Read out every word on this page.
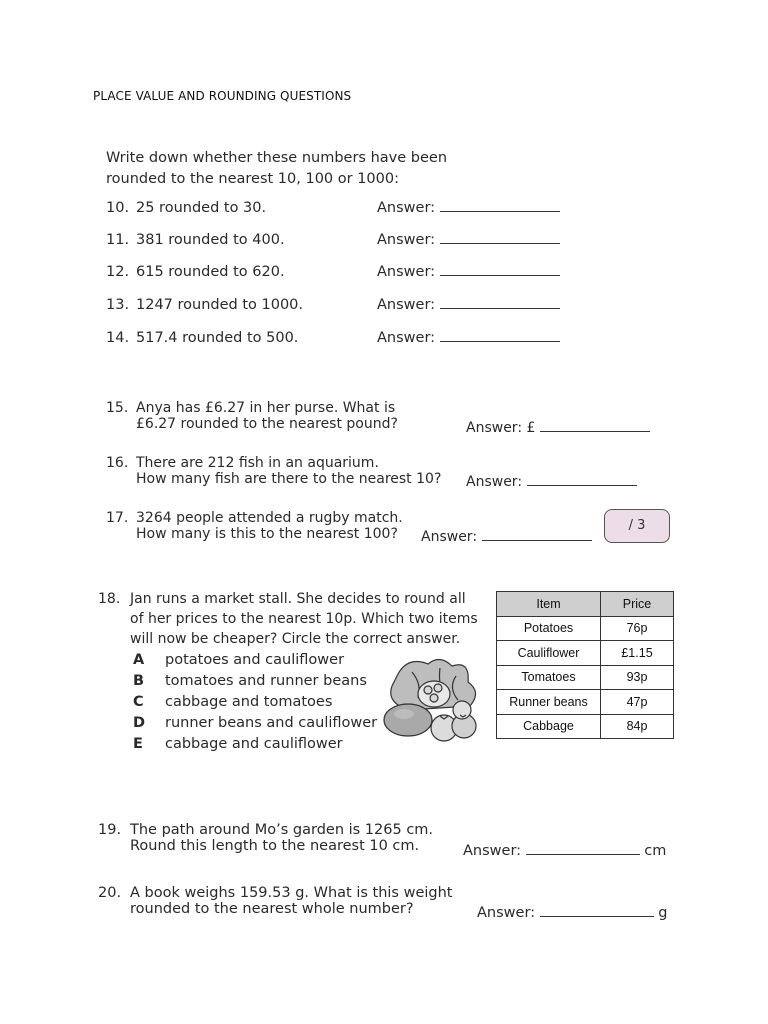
PLACE VALUE AND ROUNDING QUESTIONS
Write down whether these numbers have been
rounded to the nearest 10, 100 or 1000:
10. 25 rounded to 30.	Answer:
11. 381 rounded to 400.	Answer:
12. 615 rounded to 620.	Answer:
13. 1247 rounded to 1000.	Answer:
14. 517.4 rounded to 500.	Answer:
15. Anya has £6.27 in her purse. What is
£6.27 rounded to the nearest pound?	Answer: £
16. There are 212 fish in an aquarium.
How many fish are there to the nearest 10? Answer:
17. 3264 people attended a rugby match.
How many is this to the nearest 100?	Answer:
/ 3
18. Jan runs a market stall. She decides to round all
of her prices to the nearest 10p. Which two items
will now be cheaper? Circle the correct answer.
A potatoes and cauliflower
B tomatoes and runner beans
C cabbage and tomatoes
D runner beans and cauliflower
E cabbage and cauliflower
Item	Price
Potatoes	76p
Cauliflower	£1.15
Tomatoes	93p
Runner beans	47p
Cabbage	84p
19. The path around Mo’s garden is 1265 cm.
Round this length to the nearest 10 cm.	Answer:	cm
20. A book weighs 159.53 g. What is this weight
rounded to the nearest whole number?	Answer:	g
